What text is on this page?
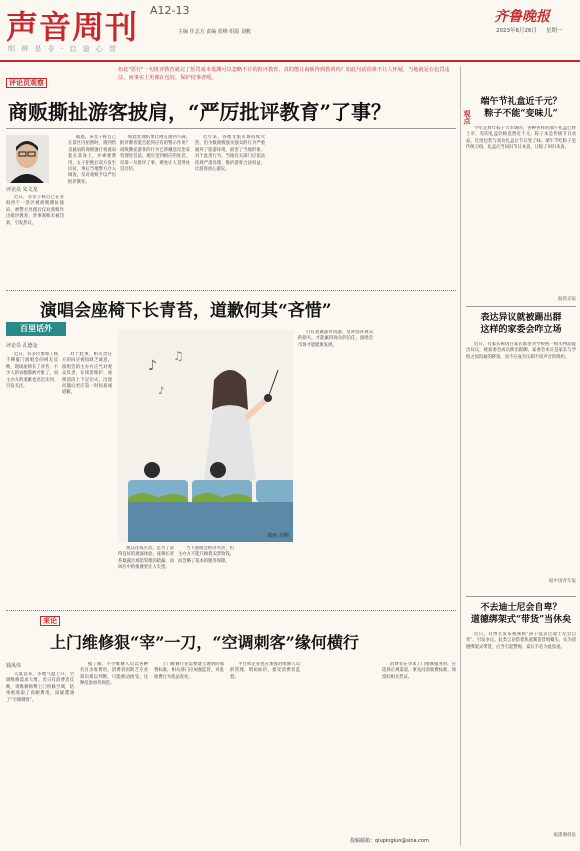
声音周刊 A12-13
主编 任志方 责编 蓝峰 组版 刘帆
明 辨 是 非 · 启 迪 心 智
齐鲁晚报
2023年6月26日 星期一
如此"惩行"一句批评教育就完了惩罚成本低渊可以忽略不计的批评教育，真的能让商贩得到教训吗？如此句话很难不让人怀疑，当地就是在包罚违法，而事实上更像在包庇，保护侵事者呢。
评论员观察
商贩撕扯游客披肩，“严厉批评教育”了事？
评论员 朱文龙

近日，有女子称自己在青海西宁一景区被商贩撕扯披肩，被警方处理后仅对商贩作出批评教育，涉事商贩未被罚款，引发热议。

据悉，该女子称自己在景区内拍照时，遇到售卖披肩的商贩强行将披肩套在其身上，并索要费用，女子拒绝后双方发生拉扯，事后当地警方介入调查，仅对商贩予以严厉批评教育。

如此处理结果让网友感到不满。批评教育能否起到应有的警示作用？商贩撕扯游客的行为已涉嫌违反治安管理处罚法，理应受到相应的处罚，仅靠一句批评了事，难免让人觉得处罚过轻。

近年来，各地文旅市场持续火热，但少数商贩强买强卖的行为严重破坏了旅游环境，损害了当地形象。对于此类行为，当地有关部门应依法依规严肃处理，维护游客合法权益，让游客放心游玩。

演唱会座椅下长青苔，道歉何其“吝惜”
百里话外
评论员 孔德金

近日，有多位参加了杨千嬅厦门演唱会的网友反映，现场座椅长了青苔，不少人的衣服都被弄脏了，而主办方的道歉也迟迟未到，引发关注。

对于此事，相关责任方的回应被指缺乏诚意。演唱会的主办方应当对观众负责，在场馆维护、座椅清洁上下足功夫，出现问题后更应第一时间真诚道歉。

♪
♫
♪
插画 胡鹏

观众花钱买票，是为了获得良好的观演体验。座椅长青苔暴露出场馆管理的疏漏，而回应中的推诿更让人失望。

当下演唱会经济火热，但主办方不能只顾着卖票收钱，而忽略了基本的服务保障。

只有真诚面对问题、及时弥补观众的损失，才能赢得观众的信任，演唱会市场才能健康发展。

来论
上门维修狠“宰”一刀，“空调刺客”缘何横行
钱凤伟

入夏以来，多地气温上升，空调维修需求大增。近日有消费者反映，请维修师傅上门检修空调，结果被收取了高额费用，质疑遭遇了“空调刺客”。

据了解，不少维修人员以各种名目多收费用，消费者因缺乏专业知识难以判断，只能被动接受。这种乱象亟待规范。

上门维修行业需要建立透明的收费标准，相关部门应加强监管，对乱收费行为依法查处。

平台和企业也应加强对维修人员的管理，明码标价，接受消费者监督。

消费者在寻求上门维修服务时，应选择正规渠道，事先问清收费标准，保留好相关凭证。

投稿邮箱：qlupinglun@sina.com
观点
端午节礼盒近千元？
粽子不能“变味儿”

今年是周年粽子大市场的，各种各样的端午礼盒已经上市，有的礼盒价格竟然近千元。粽子本是传统节日食品，过度包装与高价礼盒让节日变了味。端午节吃粽子是传统习俗，礼盒应当回归节日本意，让粽子回归本真。

据新京报
表达异议就被踢出群
这样的家委会咋立场

近日，有家长称因在家长群里对学校统一购买物品提出异议，被家委会成员移出群聊。家委会本应是家长与学校之间沟通的桥梁，而不应成为压制不同声音的组织。

据中国青年报
不去迪士尼会自卑？
道德绑架式“带货”当休矣

近日，有博主发布视频称“孩子没去过迪士尼会自卑”，引发争议。此类言论借着焦虑制造营销噱头，实为道德绑架式带货，应当引起警惕，家长不必为此焦虑。

据潇湘晨报
